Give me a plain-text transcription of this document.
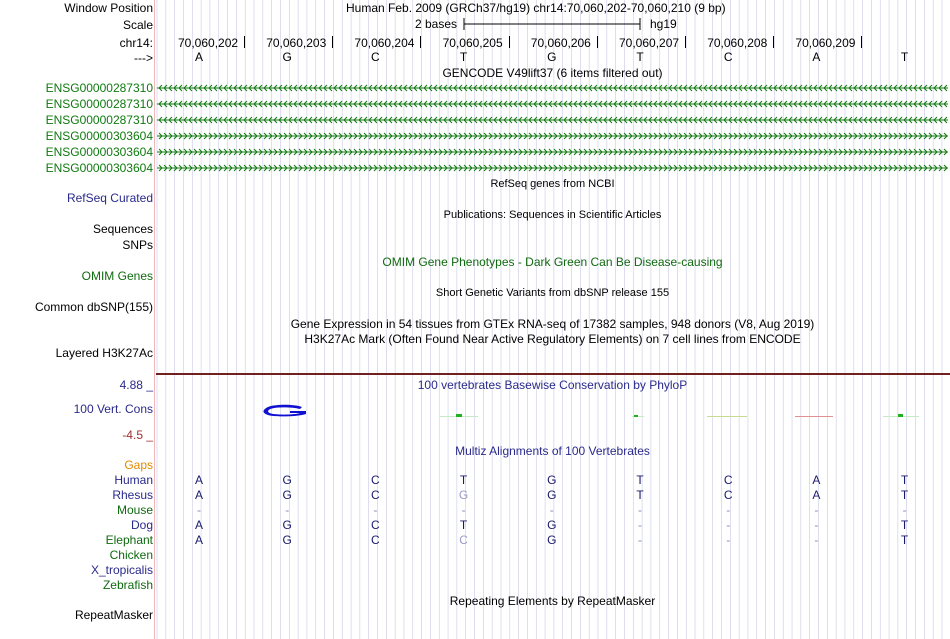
Window Position
Scale
chr14:
--->
Human Feb. 2009 (GRCh37/hg19) chr14:70,060,202-70,060,210 (9 bp)
2 bases	hg19
70,060,202 70,060,203 70,060,204 70,060,205 70,060,206 70,060,207 70,060,208 70,060,209
A	G	C	T	G	T	C	A	T
GENCODE V49lift37 (6 items filtered out)
ENSG00000287310
ENSG00000287310
ENSG00000287310
ENSG00000303604
ENSG00000303604
ENSG00000303604
RefSeq Curated
RefSeq genes from NCBI
Publications: Sequences in Scientific Articles
Sequences
SNPs
OMIM Gene Phenotypes - Dark Green Can Be Disease-causing
OMIM Genes
Short Genetic Variants from dbSNP release 155
Common dbSNP(155)
Gene Expression in 54 tissues from GTEx RNA-seq of 17382 samples, 948 donors (V8, Aug 2019)
H3K27Ac Mark (Often Found Near Active Regulatory Elements) on 7 cell lines from ENCODE
Layered H3K27Ac
100 vertebrates Basewise Conservation by PhyloP
4.88 _
100 Vert. Cons
-4.5 _
Multiz Alignments of 100 Vertebrates
Gaps
Human	A	G	C	T	G	T	C	A	T
Rhesus	A	G	C	G	G	T	C	A	T
Mouse	-	-	-	-	-	-	-	-	-
Dog	A	G	C	T	G	-	-	-	T
Elephant	A	G	C	C	G	-	-	-	T
Chicken
X_tropicalis
Zebrafish
Repeating Elements by RepeatMasker
RepeatMasker
